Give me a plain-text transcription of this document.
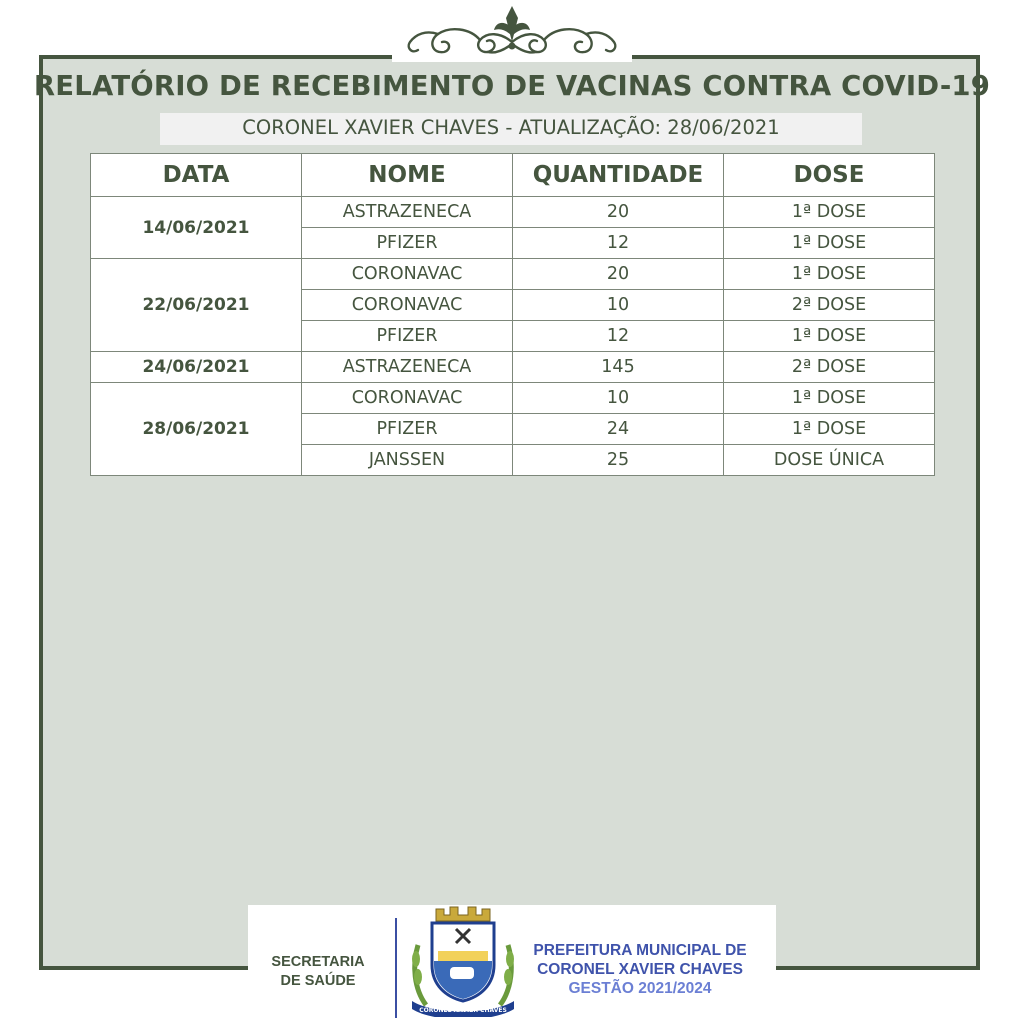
RELATÓRIO DE RECEBIMENTO DE VACINAS CONTRA COVID-19
CORONEL XAVIER CHAVES - ATUALIZAÇÃO: 28/06/2021
DATA	NOME	QUANTIDADE	DOSE
14/06/2021	ASTRAZENECA	20	1ª DOSE
	PFIZER	12	1ª DOSE
22/06/2021	CORONAVAC	20	1ª DOSE
	CORONAVAC	10	2ª DOSE
	PFIZER	12	1ª DOSE
24/06/2021	ASTRAZENECA	145	2ª DOSE
28/06/2021	CORONAVAC	10	1ª DOSE
	PFIZER	24	1ª DOSE
	JANSSEN	25	DOSE ÚNICA
SECRETARIA
DE SAÚDE
CORONEL XAVIER CHAVES
PREFEITURA MUNICIPAL DE
CORONEL XAVIER CHAVES
GESTÃO 2021/2024
